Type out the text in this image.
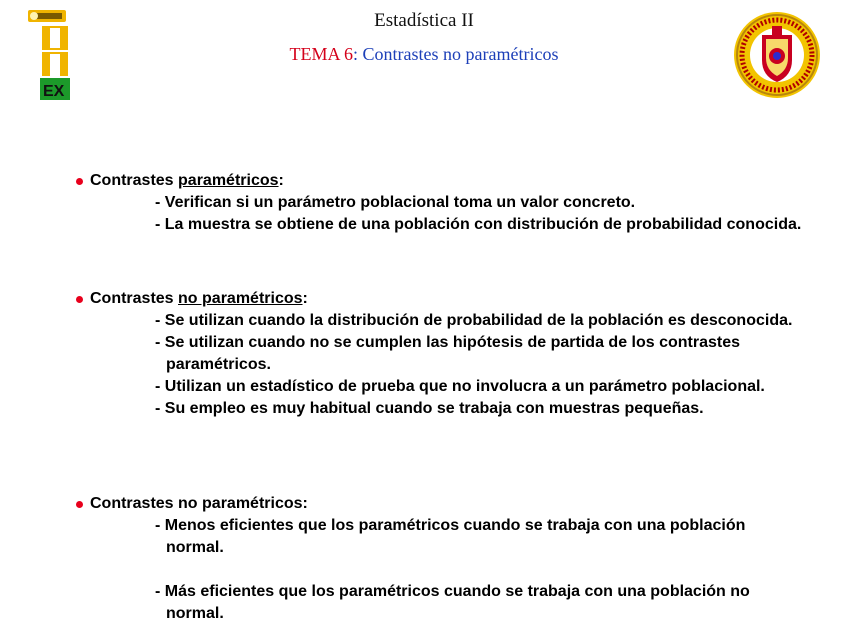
Estadística II
TEMA 6: Contrastes no paramétricos
EX
Contrastes paramétricos:
- Verifican si un parámetro poblacional toma un valor concreto.
- La muestra se obtiene de una población con distribución de probabilidad conocida.
Contrastes no paramétricos:
- Se utilizan cuando la distribución de probabilidad de la población es desconocida.
- Se utilizan cuando no se cumplen las hipótesis de partida de los contrastes paramétricos.
- Utilizan un estadístico de prueba que no involucra a un parámetro poblacional.
- Su empleo es muy habitual cuando se trabaja con muestras pequeñas.
Contrastes no paramétricos:
- Menos eficientes que los paramétricos cuando se trabaja con una población normal.
- Más eficientes que los paramétricos cuando se trabaja con una población no normal.
